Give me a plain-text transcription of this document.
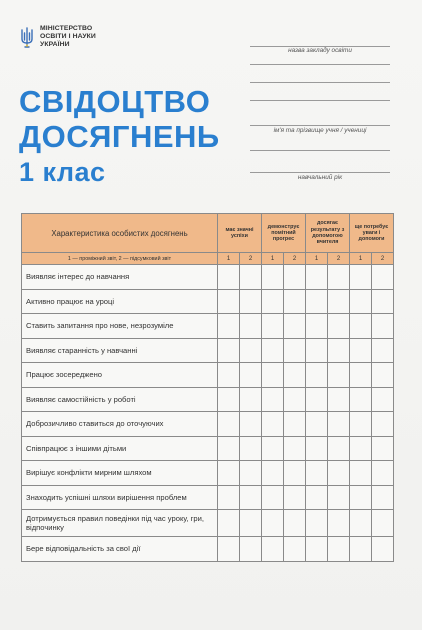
МІНІСТЕРСТВО
ОСВІТИ І НАУКИ
УКРАЇНИ
СВІДОЦТВО
ДОСЯГНЕНЬ
1 клас
назва закладу освіти
ім'я та прізвище учня / учениці
навчальний рік
Характеристика особистих досягнень	має значні успіхи		демонструє помітний прогрес		досягає результату з допомогою вчителя		ще потребує уваги і допомоги	
1 — проміжний звіт, 2 — підсумковий звіт	1	2	1	2	1	2	1	2
Виявляє інтерес до навчання								
Активно працює на уроці								
Ставить запитання про нове, незрозуміле								
Виявляє старанність у навчанні								
Працює зосереджено								
Виявляє самостійність у роботі								
Доброзичливо ставиться до оточуючих								
Співпрацює з іншими дітьми								
Вирішує конфлікти мирним шляхом								
Знаходить успішні шляхи вирішення проблем								
Дотримується правил поведінки під час уроку, гри, відпочинку								
Бере відповідальність за свої дії								
